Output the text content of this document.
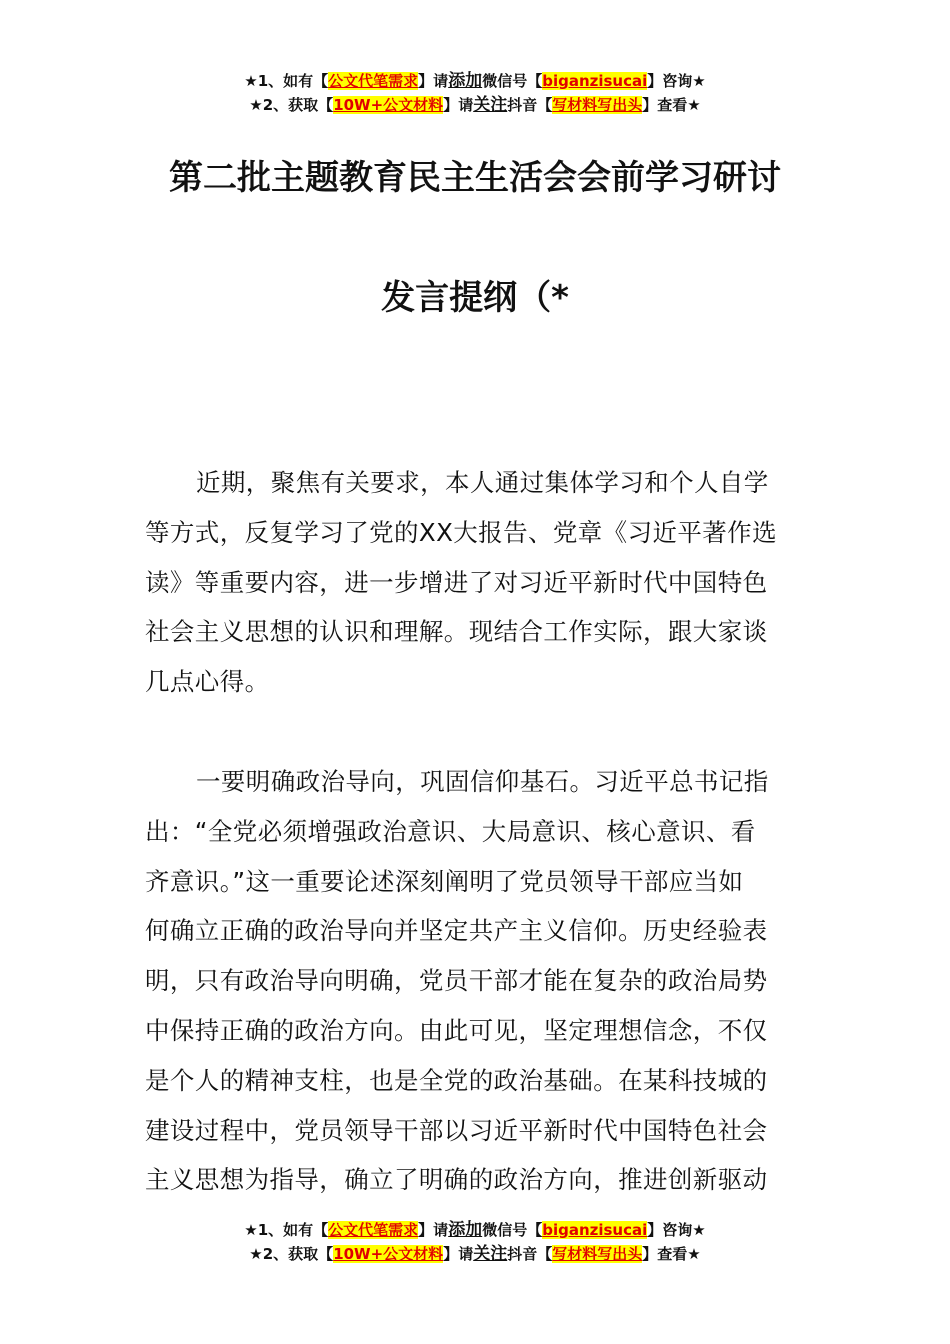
★1、如有【公文代笔需求】请添加微信号【biganzisucai】咨询★
★2、获取【10W+公文材料】请关注抖音【写材料写出头】查看★
第二批主题教育民主生活会会前学习研讨
发言提纲（*
近期，聚焦有关要求，本人通过集体学习和个人自学
等方式，反复学习了党的XX大报告、党章《习近平著作选
读》等重要内容，进一步增进了对习近平新时代中国特色
社会主义思想的认识和理解。现结合工作实际，跟大家谈
几点心得。
一要明确政治导向，巩固信仰基石。习近平总书记指
出：“全党必须增强政治意识、大局意识、核心意识、看
齐意识。”这一重要论述深刻阐明了党员领导干部应当如
何确立正确的政治导向并坚定共产主义信仰。历史经验表
明，只有政治导向明确，党员干部才能在复杂的政治局势
中保持正确的政治方向。由此可见，坚定理想信念，不仅
是个人的精神支柱，也是全党的政治基础。在某科技城的
建设过程中，党员领导干部以习近平新时代中国特色社会
主义思想为指导，确立了明确的政治方向，推进创新驱动
★1、如有【公文代笔需求】请添加微信号【biganzisucai】咨询★
★2、获取【10W+公文材料】请关注抖音【写材料写出头】查看★
